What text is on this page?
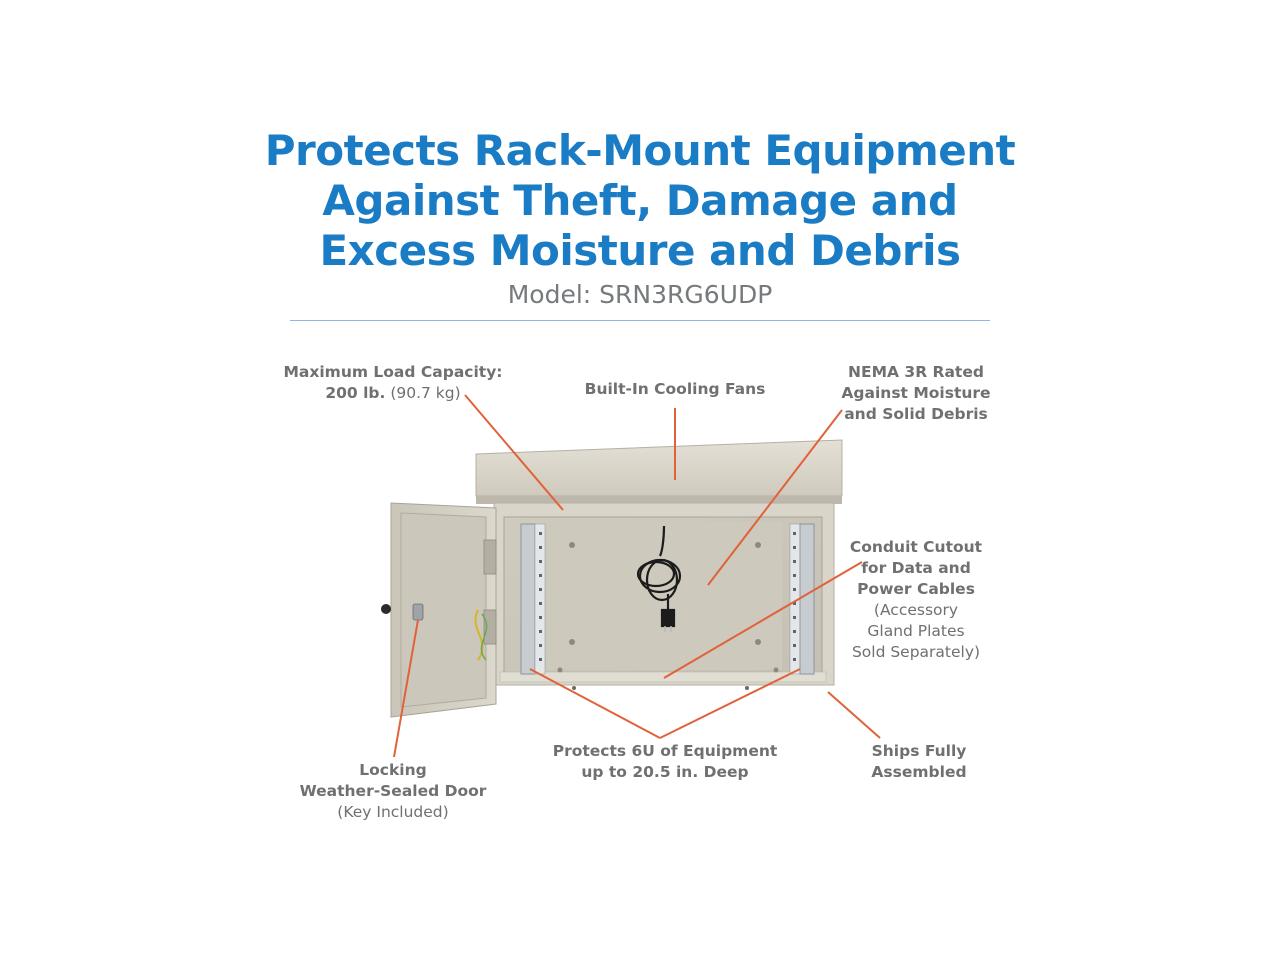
Protects Rack-Mount Equipment
Against Theft, Damage and
Excess Moisture and Debris
Model: SRN3RG6UDP
Maximum Load Capacity:
200 lb. (90.7 kg)	Built-In Cooling Fans
NEMA 3R Rated
Against Moisture
and Solid Debris
Conduit Cutout
for Data and
Power Cables
(Accessory
Gland Plates
Sold Separately)
Locking
Weather-Sealed Door
(Key Included)
Protects 6U of Equipment
up to 20.5 in. Deep
Ships Fully
Assembled
